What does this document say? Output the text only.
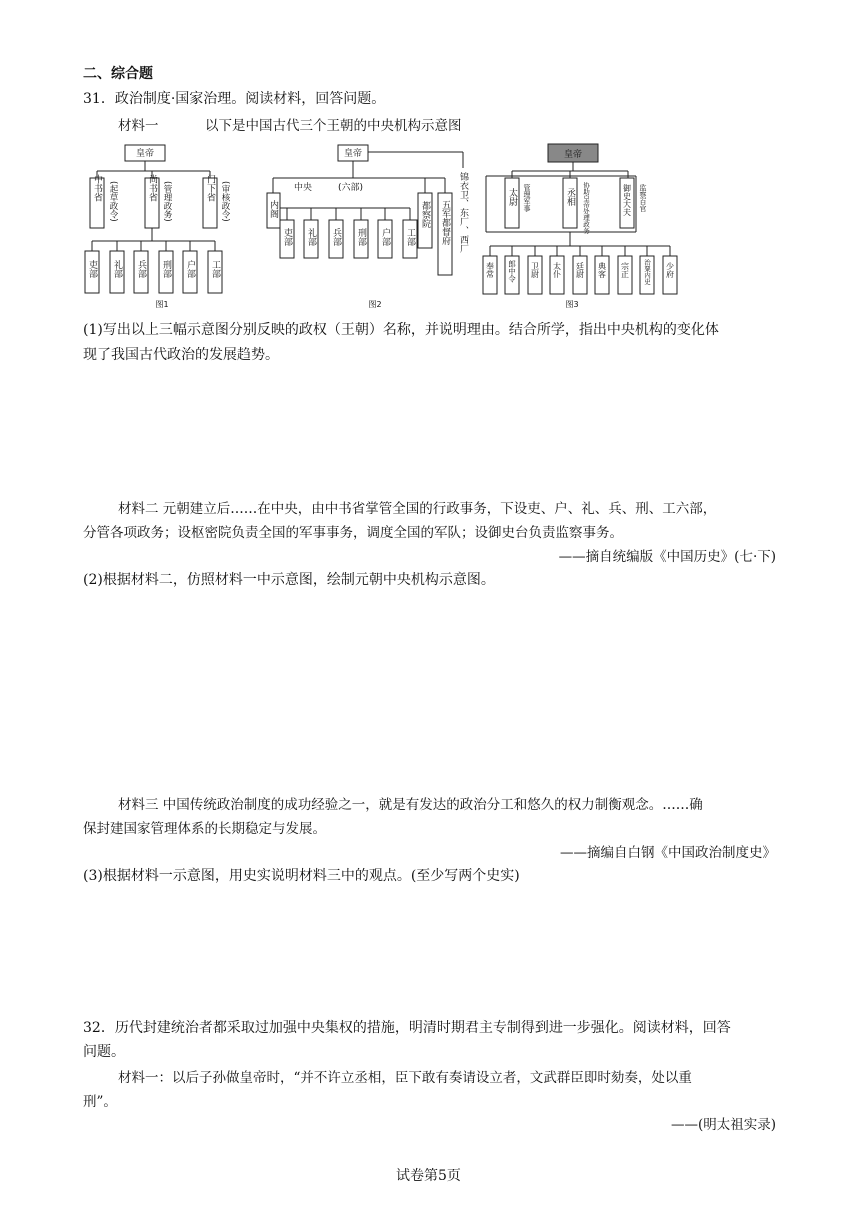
二、综合题
31．政治制度·国家治理。阅读材料，回答问题。
材料一	以下是中国古代三个王朝的中央机构示意图
皇帝
中书省	尚书省	门下省
(起草政令)	(管理政务)	(审核政令)
吏部 礼部 兵部 刑部 户部 工部
图1
皇帝
中央	(六部)
内阁
吏部 礼部 兵部 刑部 户部 工部
都察院 五军都督府 锦衣卫、东厂、西厂
图2
皇帝
太尉	丞相	御史大夫
管理军事	协助皇帝处理政务	监察百官
奉常 郎中令 卫尉 太仆 廷尉 典客 宗正 治粟内史 少府
图3
(1)写出以上三幅示意图分别反映的政权（王朝）名称，并说明理由。结合所学，指出中央机构的变化体
现了我国古代政治的发展趋势。
材料二 元朝建立后……在中央，由中书省掌管全国的行政事务，下设吏、户、礼、兵、刑、工六部，
分管各项政务；设枢密院负责全国的军事事务，调度全国的军队；设御史台负责监察事务。
——摘自统编版《中国历史》(七·下)
(2)根据材料二，仿照材料一中示意图，绘制元朝中央机构示意图。
材料三 中国传统政治制度的成功经验之一，就是有发达的政治分工和悠久的权力制衡观念。……确
保封建国家管理体系的长期稳定与发展。
——摘编自白钢《中国政治制度史》
(3)根据材料一示意图，用史实说明材料三中的观点。(至少写两个史实)
32．历代封建统治者都采取过加强中央集权的措施，明清时期君主专制得到进一步强化。阅读材料，回答
问题。
材料一：以后子孙做皇帝时，“并不许立丞相，臣下敢有奏请设立者，文武群臣即时劾奏，处以重
刑”。
——(明太祖实录)
试卷第5页
